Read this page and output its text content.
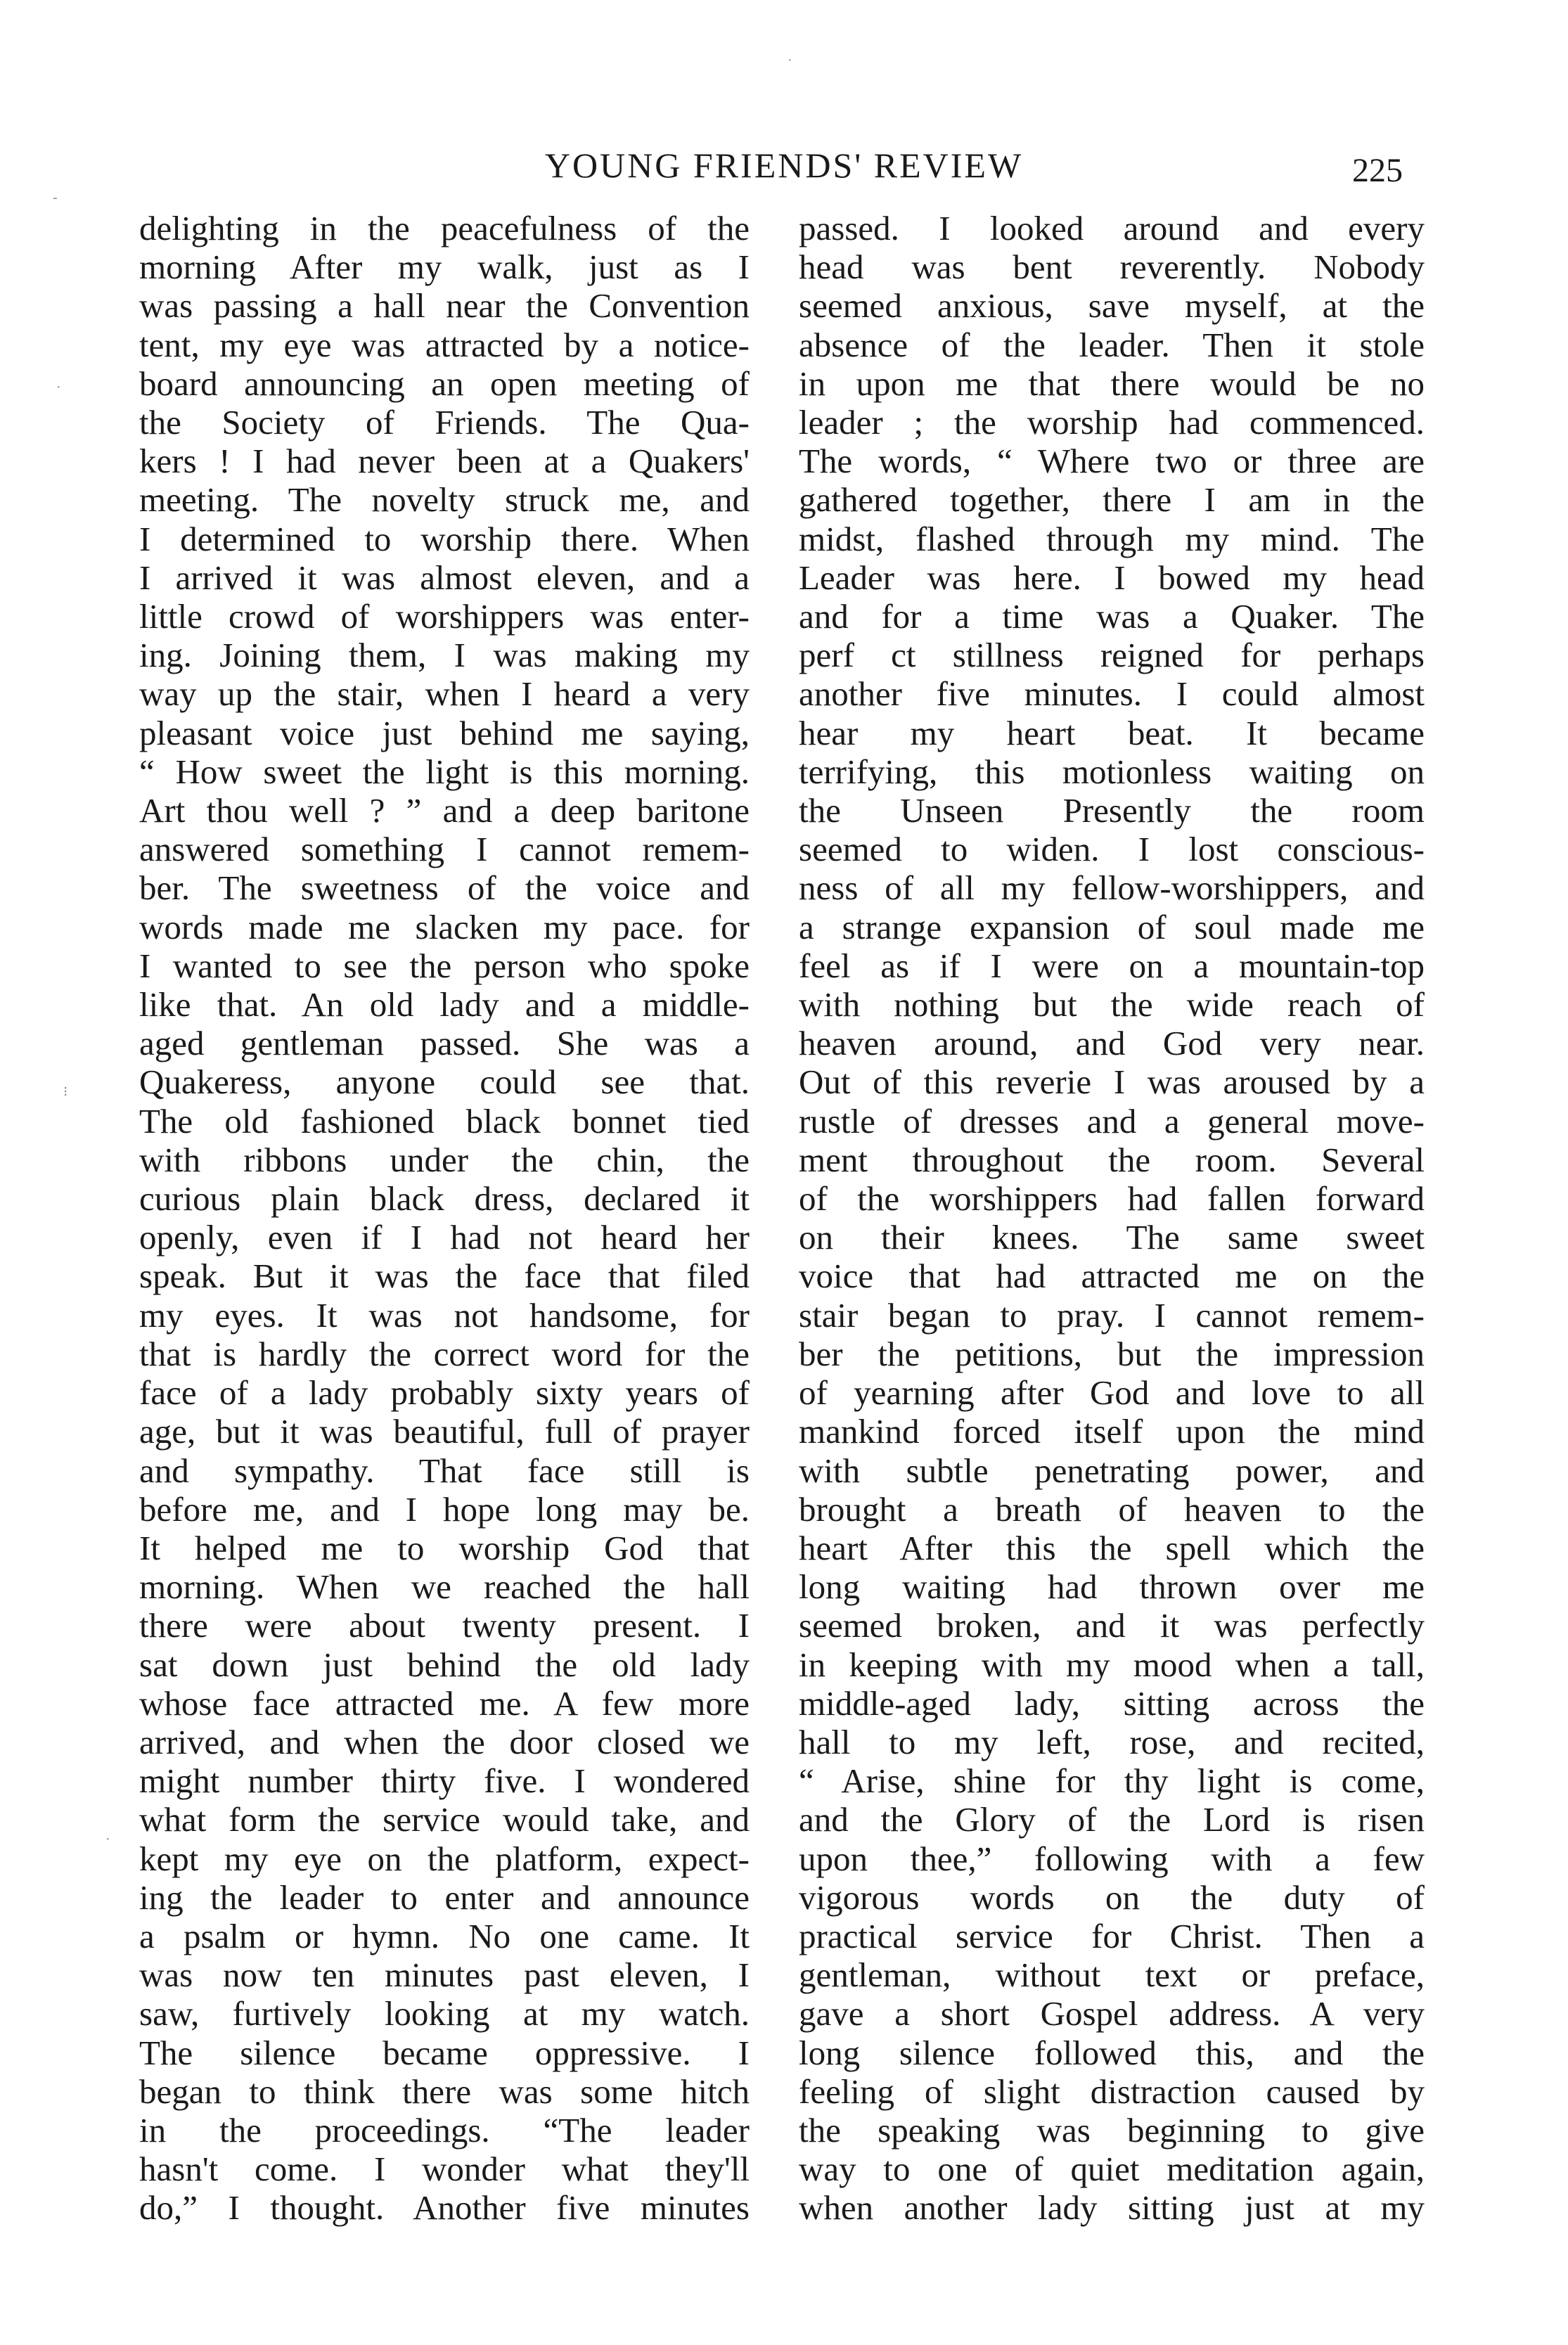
YOUNG FRIENDS' REVIEW	225
delighting in the peacefulness of the
morning After my walk, just as I
was passing a hall near the Convention
tent, my eye was attracted by a notice-
board announcing an open meeting of
the Society of Friends. The Qua-
kers ! I had never been at a Quakers'
meeting. The novelty struck me, and
I determined to worship there. When
I arrived it was almost eleven, and a
little crowd of worshippers was enter-
ing. Joining them, I was making my
way up the stair, when I heard a very
pleasant voice just behind me saying,
“ How sweet the light is this morning.
Art thou well ? ” and a deep baritone
answered something I cannot remem-
ber. The sweetness of the voice and
words made me slacken my pace. for
I wanted to see the person who spoke
like that. An old lady and a middle-
aged gentleman passed. She was a
Quakeress, anyone could see that.
The old fashioned black bonnet tied
with ribbons under the chin, the
curious plain black dress, declared it
openly, even if I had not heard her
speak. But it was the face that filed
my eyes. It was not handsome, for
that is hardly the correct word for the
face of a lady probably sixty years of
age, but it was beautiful, full of prayer
and sympathy. That face still is
before me, and I hope long may be.
It helped me to worship God that
morning. When we reached the hall
there were about twenty present. I
sat down just behind the old lady
whose face attracted me. A few more
arrived, and when the door closed we
might number thirty five. I wondered
what form the service would take, and
kept my eye on the platform, expect-
ing the leader to enter and announce
a psalm or hymn. No one came. It
was now ten minutes past eleven, I
saw, furtively looking at my watch.
The silence became oppressive. I
began to think there was some hitch
in the proceedings. “The leader
hasn't come. I wonder what they'll
do,” I thought. Another five minutes
passed. I looked around and every
head was bent reverently. Nobody
seemed anxious, save myself, at the
absence of the leader. Then it stole
in upon me that there would be no
leader ; the worship had commenced.
The words, “ Where two or three are
gathered together, there I am in the
midst, flashed through my mind. The
Leader was here. I bowed my head
and for a time was a Quaker. The
perf ct stillness reigned for perhaps
another five minutes. I could almost
hear my heart beat. It became
terrifying, this motionless waiting on
the Unseen Presently the room
seemed to widen. I lost conscious-
ness of all my fellow-worshippers, and
a strange expansion of soul made me
feel as if I were on a mountain-top
with nothing but the wide reach of
heaven around, and God very near.
Out of this reverie I was aroused by a
rustle of dresses and a general move-
ment throughout the room. Several
of the worshippers had fallen forward
on their knees. The same sweet
voice that had attracted me on the
stair began to pray. I cannot remem-
ber the petitions, but the impression
of yearning after God and love to all
mankind forced itself upon the mind
with subtle penetrating power, and
brought a breath of heaven to the
heart After this the spell which the
long waiting had thrown over me
seemed broken, and it was perfectly
in keeping with my mood when a tall,
middle-aged lady, sitting across the
hall to my left, rose, and recited,
“ Arise, shine for thy light is come,
and the Glory of the Lord is risen
upon thee,” following with a few
vigorous words on the duty of
practical service for Christ. Then a
gentleman, without text or preface,
gave a short Gospel address. A very
long silence followed this, and the
feeling of slight distraction caused by
the speaking was beginning to give
way to one of quiet meditation again,
when another lady sitting just at my
·
-
·
⁝
·
